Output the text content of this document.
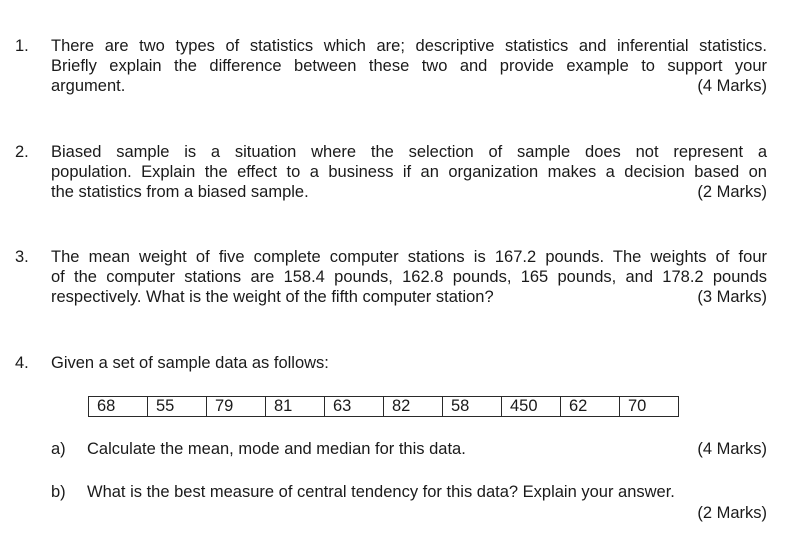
1. There are two types of statistics which are; descriptive statistics and inferential statistics.
Briefly explain the difference between these two and provide example to support your
argument.	(4 Marks)
2. Biased sample is a situation where the selection of sample does not represent a
population. Explain the effect to a business if an organization makes a decision based on
the statistics from a biased sample.	(2 Marks)
3. The mean weight of five complete computer stations is 167.2 pounds. The weights of four
of the computer stations are 158.4 pounds, 162.8 pounds, 165 pounds, and 178.2 pounds
respectively. What is the weight of the fifth computer station?	(3 Marks)
4. Given a set of sample data as follows:
68	55	79	81	63	82	58	450	62	70
a) Calculate the mean, mode and median for this data.	(4 Marks)
b) What is the best measure of central tendency for this data? Explain your answer.
(2 Marks)
